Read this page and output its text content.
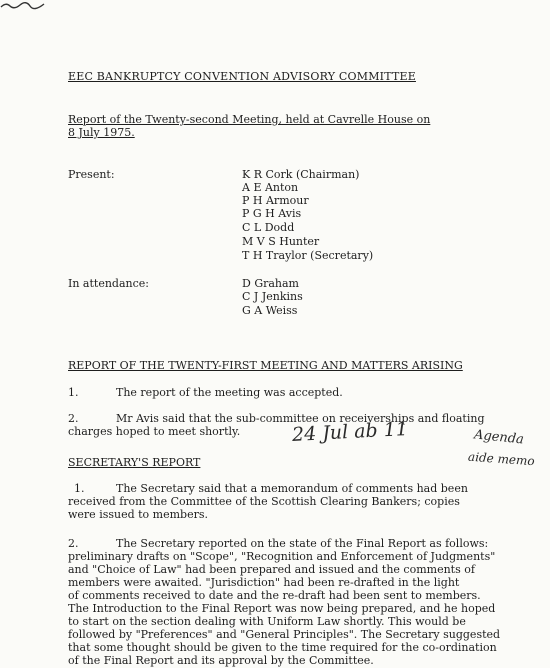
EEC BANKRUPTCY CONVENTION ADVISORY COMMITTEE
Report of the Twenty-second Meeting, held at Cavrelle House on
8 July 1975.
Present:	K R Cork (Chairman)
A E Anton
P H Armour
P G H Avis
C L Dodd
M V S Hunter
T H Traylor (Secretary)
In attendance:	D Graham
C J Jenkins
G A Weiss
REPORT OF THE TWENTY-FIRST MEETING AND MATTERS ARISING
1.	The report of the meeting was accepted.
2.	Mr Avis said that the sub-committee on receiverships and floating
charges hoped to meet shortly.	24 Jul ab 11	Agenda
aide memo
SECRETARY'S REPORT
1.	The Secretary said that a memorandum of comments had been
received from the Committee of the Scottish Clearing Bankers; copies
were issued to members.
2.	The Secretary reported on the state of the Final Report as follows:
preliminary drafts on "Scope", "Recognition and Enforcement of Judgments"
and "Choice of Law" had been prepared and issued and the comments of
members were awaited. "Jurisdiction" had been re-drafted in the light
of comments received to date and the re-draft had been sent to members.
The Introduction to the Final Report was now being prepared, and he hoped
to start on the section dealing with Uniform Law shortly. This would be
followed by "Preferences" and "General Principles". The Secretary suggested
that some thought should be given to the time required for the co-ordination
of the Final Report and its approval by the Committee.
